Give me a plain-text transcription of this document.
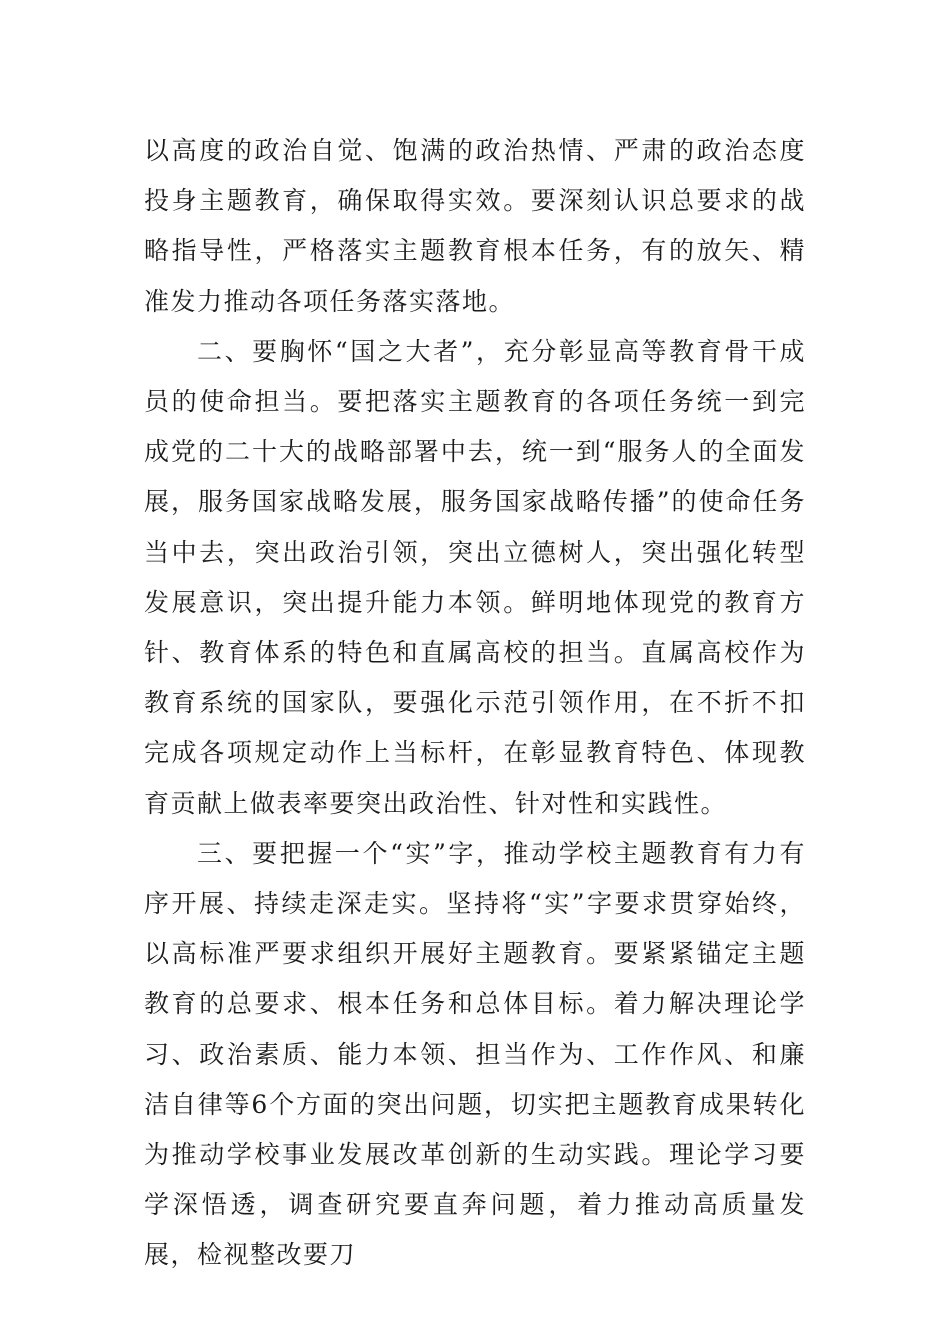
以高度的政治自觉、饱满的政治热情、严肃的政治态度投身主题教育，确保取得实效。要深刻认识总要求的战略指导性，严格落实主题教育根本任务，有的放矢、精准发力推动各项任务落实落地。

二、要胸怀“国之大者”，充分彰显高等教育骨干成员的使命担当。要把落实主题教育的各项任务统一到完成党的二十大的战略部署中去，统一到“服务人的全面发展，服务国家战略发展，服务国家战略传播”的使命任务当中去，突出政治引领，突出立德树人，突出强化转型发展意识，突出提升能力本领。鲜明地体现党的教育方针、教育体系的特色和直属高校的担当。直属高校作为教育系统的国家队，要强化示范引领作用，在不折不扣完成各项规定动作上当标杆，在彰显教育特色、体现教育贡献上做表率要突出政治性、针对性和实践性。

三、要把握一个“实”字，推动学校主题教育有力有序开展、持续走深走实。坚持将“实”字要求贯穿始终，以高标准严要求组织开展好主题教育。要紧紧锚定主题教育的总要求、根本任务和总体目标。着力解决理论学习、政治素质、能力本领、担当作为、工作作风、和廉洁自律等6个方面的突出问题，切实把主题教育成果转化为推动学校事业发展改革创新的生动实践。理论学习要学深悟透，调查研究要直奔问题，着力推动高质量发展，检视整改要刀
